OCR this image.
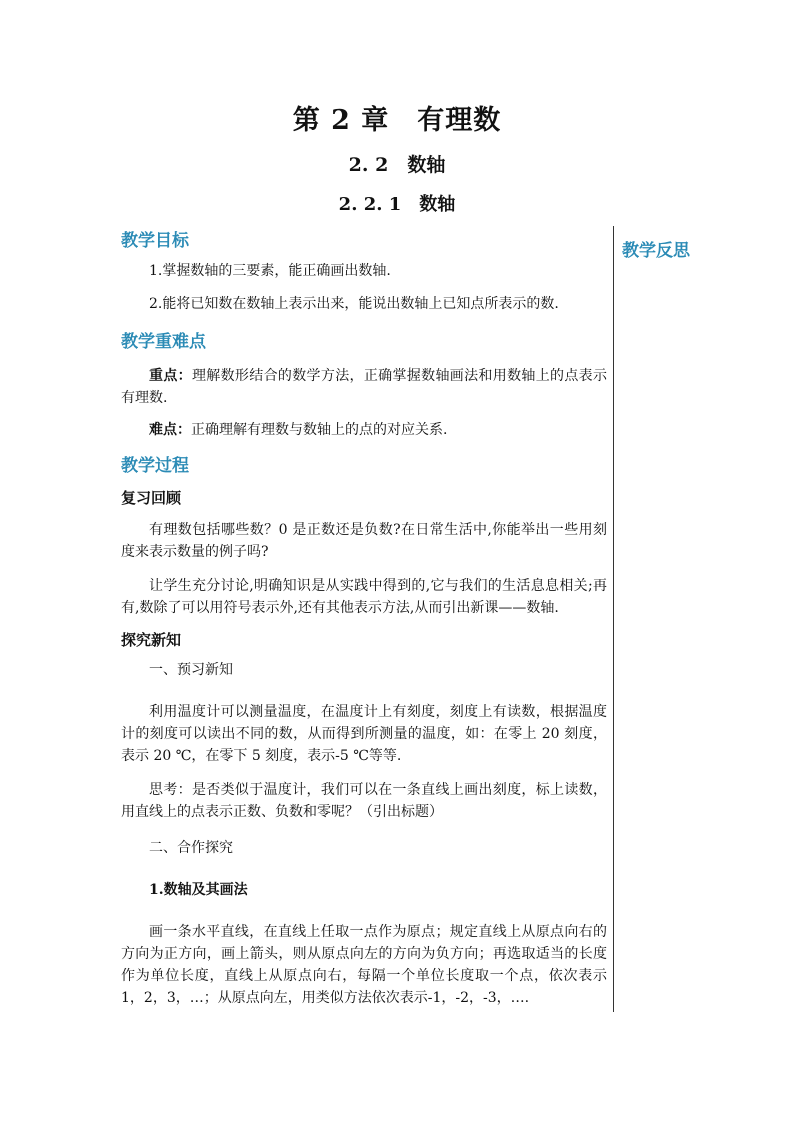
第 2 章　有理数
2. 2　数轴
2. 2. 1　数轴

教学反思

教学目标

1.掌握数轴的三要素，能正确画出数轴.

2.能将已知数在数轴上表示出来，能说出数轴上已知点所表示的数.

教学重难点

重点：理解数形结合的数学方法，正确掌握数轴画法和用数轴上的点表示有理数.

难点：正确理解有理数与数轴上的点的对应关系.

教学过程

复习回顾

有理数包括哪些数？0 是正数还是负数?在日常生活中,你能举出一些用刻度来表示数量的例子吗?

让学生充分讨论,明确知识是从实践中得到的,它与我们的生活息息相关;再有,数除了可以用符号表示外,还有其他表示方法,从而引出新课——数轴.

探究新知

一、预习新知

利用温度计可以测量温度，在温度计上有刻度，刻度上有读数，根据温度计的刻度可以读出不同的数，从而得到所测量的温度，如：在零上 20 刻度，表示 20 ℃，在零下 5 刻度，表示-5 ℃等等.

思考：是否类似于温度计，我们可以在一条直线上画出刻度，标上读数，用直线上的点表示正数、负数和零呢？（引出标题）

二、合作探究

1.数轴及其画法

画一条水平直线，在直线上任取一点作为原点；规定直线上从原点向右的方向为正方向，画上箭头，则从原点向左的方向为负方向；再选取适当的长度作为单位长度，直线上从原点向右，每隔一个单位长度取一个点，依次表示 1，2，3，…；从原点向左，用类似方法依次表示-1，-2，-3，….
